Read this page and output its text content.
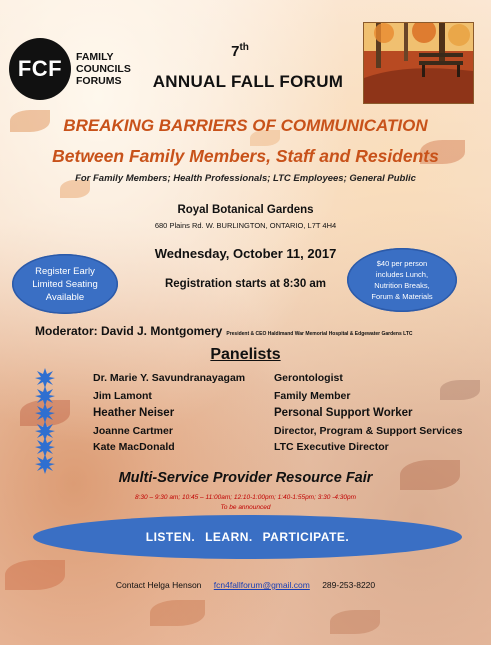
FCF	FAMILY
COUNCILS
FORUMS
7th
ANNUAL FALL FORUM
BREAKING BARRIERS OF COMMUNICATION
Between Family Members, Staff and Residents
For Family Members; Health Professionals; LTC Employees; General Public
Royal Botanical Gardens
680 Plains Rd. W. BURLINGTON, ONTARIO, L7T 4H4
Wednesday, October 11, 2017
Registration starts at 8:30 am
Register Early
Limited Seating
Available
$40 per person
includes Lunch,
Nutrition Breaks,
Forum & Materials
Moderator: David J. Montgomery President & CEO Haldimand War Memorial Hospital & Edgewater Gardens LTC
Panelists
Dr. Marie Y. Savundranayagam	Gerontologist
Jim Lamont	Family Member
Heather Neiser	Personal Support Worker
Joanne Cartmer	Director, Program & Support Services
Kate MacDonald	LTC Executive Director
Multi-Service Provider Resource Fair
8:30 – 9:30 am; 10:45 – 11:00am; 12:10-1:00pm; 1:40-1:55pm; 3:30 -4:30pm
To be announced
LISTEN. LEARN. PARTICIPATE.
Contact Helga Henson fcn4fallforum@gmail.com 289-253-8220
